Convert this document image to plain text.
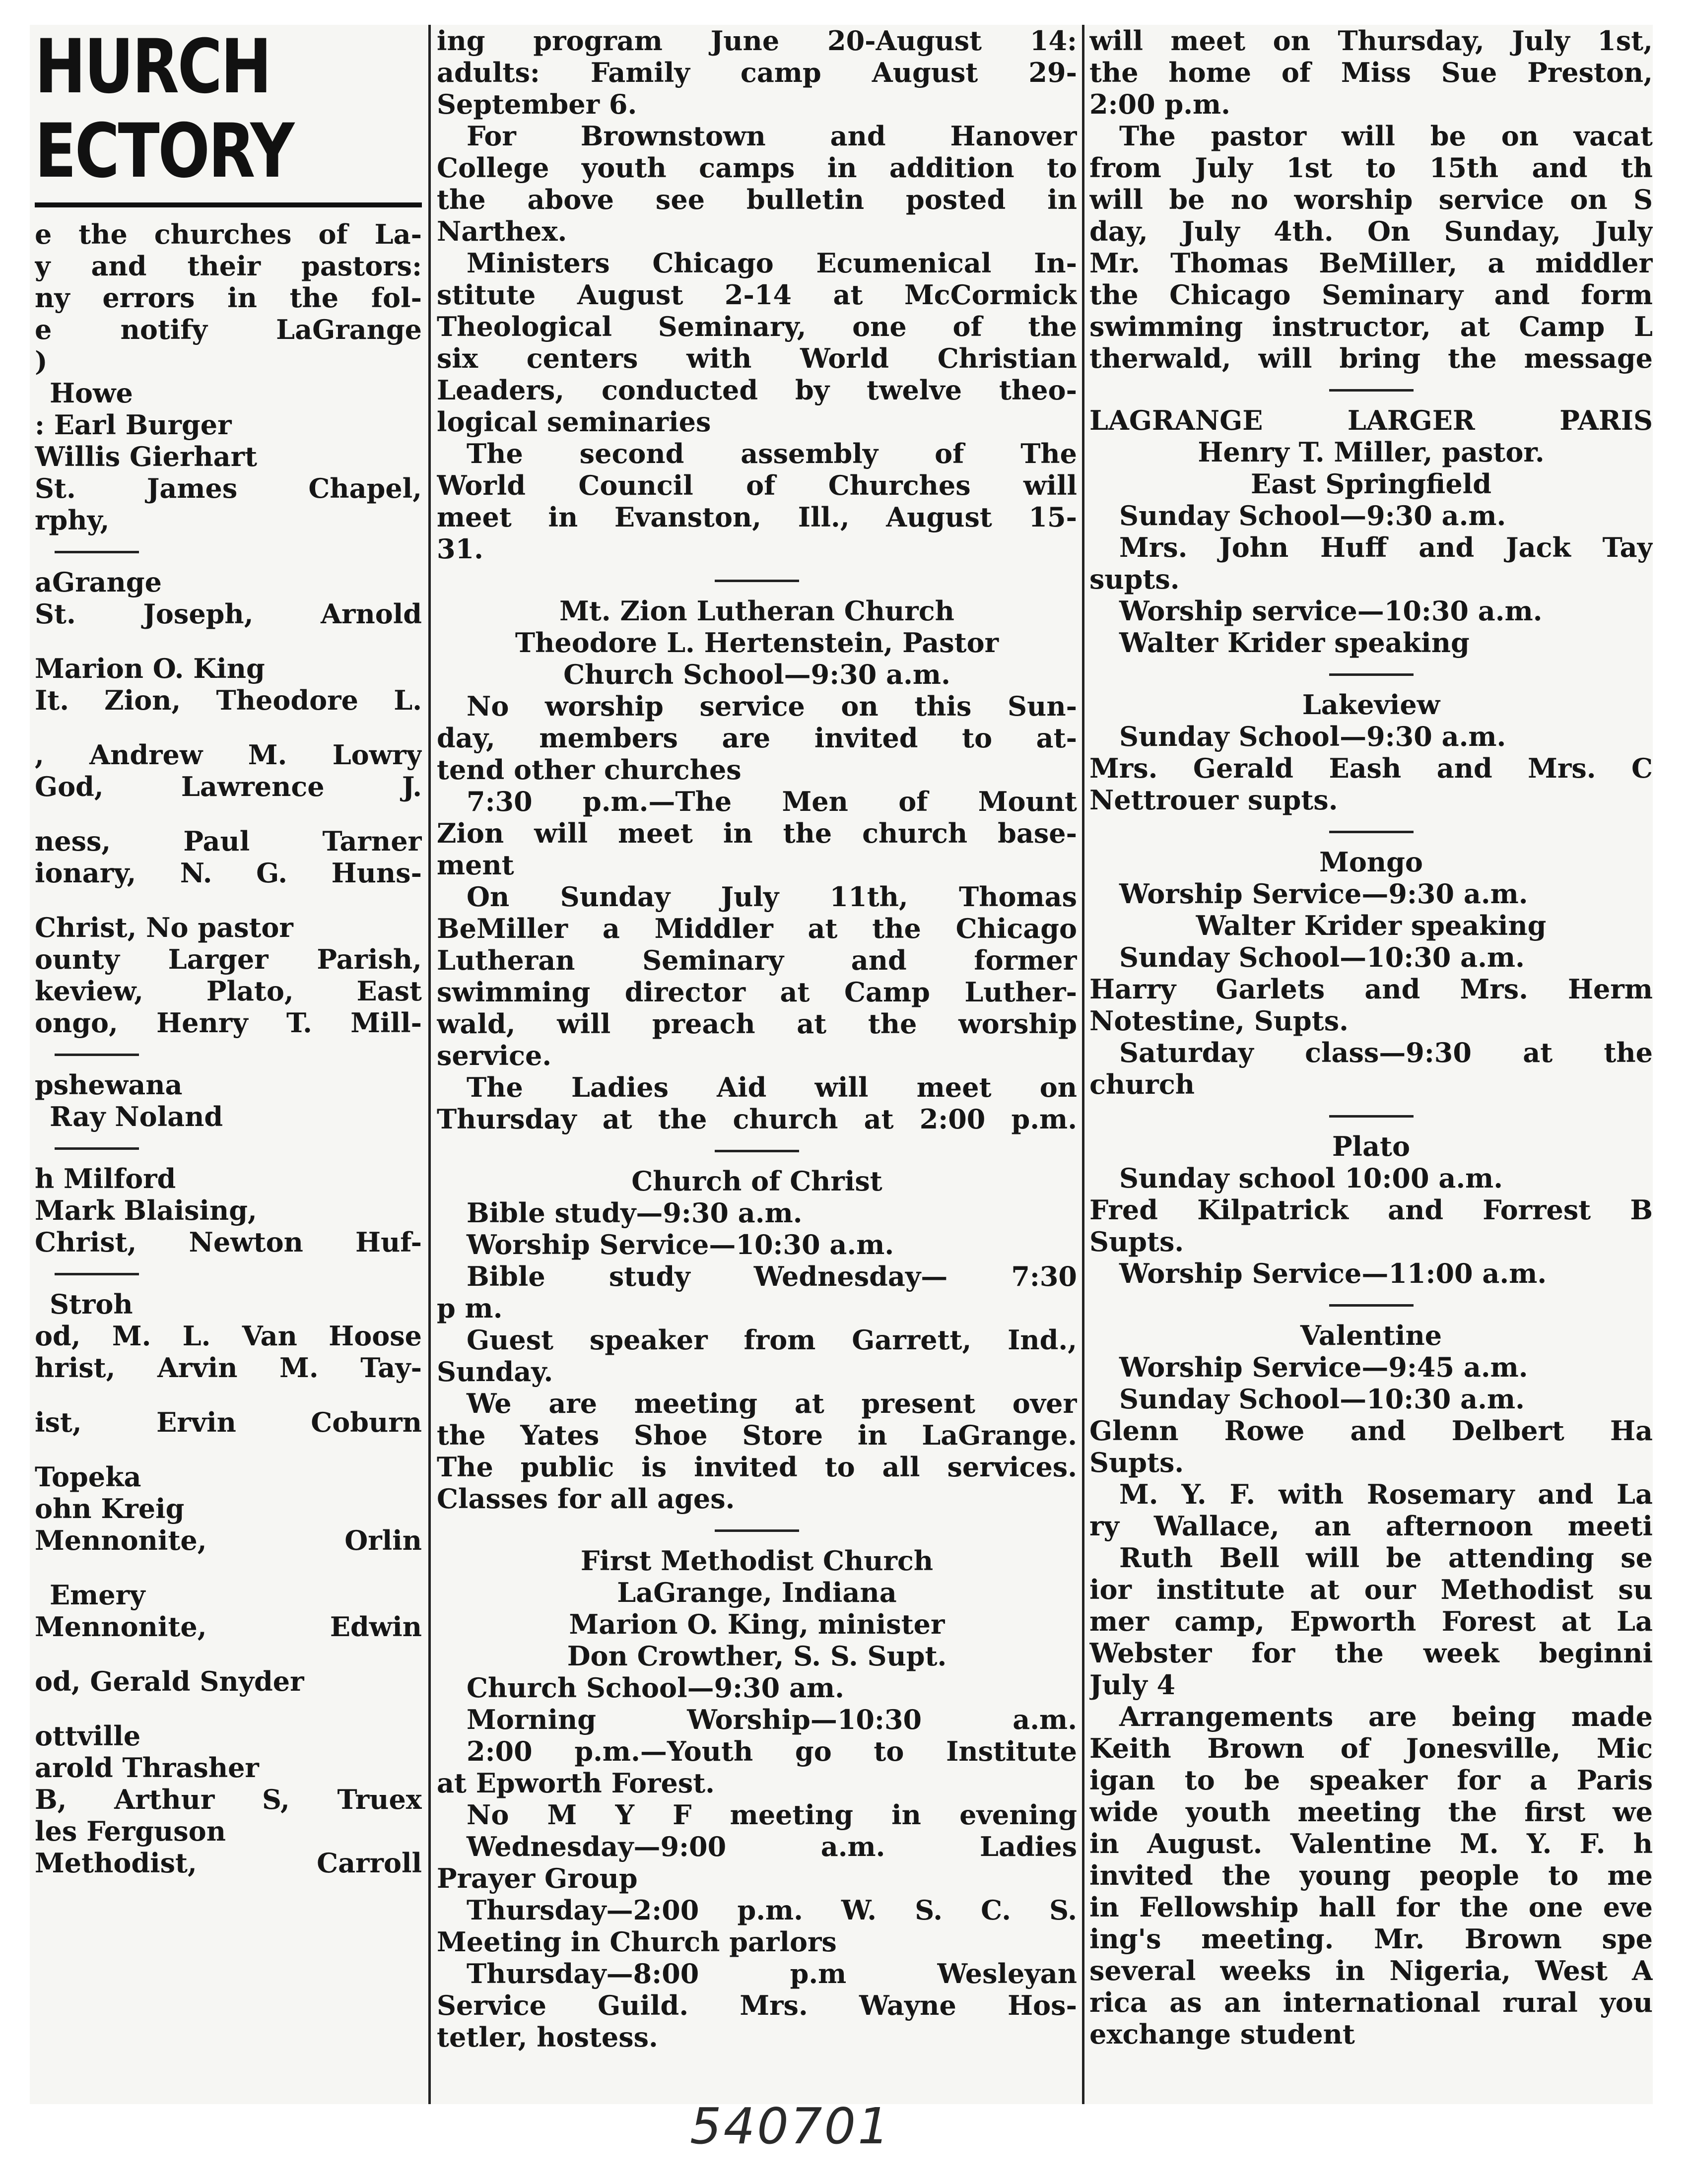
HURCH
ECTORY
e the churches of La-
y and their pastors:
ny errors in the fol-
e notify LaGrange
)
Howe
: Earl Burger
Willis Gierhart
St. James Chapel,
rphy,
aGrange
St. Joseph, Arnold
Marion O. King
It. Zion, Theodore L.
, Andrew M. Lowry
God, Lawrence J.
ness, Paul Tarner
ionary, N. G. Huns-
Christ, No pastor
ounty Larger Parish,
keview, Plato, East
ongo, Henry T. Mill-
pshewana
Ray Noland
h Milford
Mark Blaising,
Christ, Newton Huf-
Stroh
od, M. L. Van Hoose
hrist, Arvin M. Tay-
ist, Ervin Coburn
Topeka
ohn Kreig
Mennonite, Orlin
Emery
Mennonite, Edwin
od, Gerald Snyder
ottville
arold Thrasher
B, Arthur S, Truex
les Ferguson
Methodist, Carroll
ing program June 20-August 14:
adults: Family camp August 29-
September 6.
For Brownstown and Hanover
College youth camps in addition to
the above see bulletin posted in
Narthex.
Ministers Chicago Ecumenical In-
stitute August 2-14 at McCormick
Theological Seminary, one of the
six centers with World Christian
Leaders, conducted by twelve theo-
logical seminaries
The second assembly of The
World Council of Churches will
meet in Evanston, Ill., August 15-
31.
Mt. Zion Lutheran Church
Theodore L. Hertenstein, Pastor
Church School—9:30 a.m.
No worship service on this Sun-
day, members are invited to at-
tend other churches
7:30 p.m.—The Men of Mount
Zion will meet in the church base-
ment
On Sunday July 11th, Thomas
BeMiller a Middler at the Chicago
Lutheran Seminary and former
swimming director at Camp Luther-
wald, will preach at the worship
service.
The Ladies Aid will meet on
Thursday at the church at 2:00 p.m.
Church of Christ
Bible study—9:30 a.m.
Worship Service—10:30 a.m.
Bible study Wednesday— 7:30
p m.
Guest speaker from Garrett, Ind.,
Sunday.
We are meeting at present over
the Yates Shoe Store in LaGrange.
The public is invited to all services.
Classes for all ages.
First Methodist Church
LaGrange, Indiana
Marion O. King, minister
Don Crowther, S. S. Supt.
Church School—9:30 am.
Morning Worship—10:30 a.m.
2:00 p.m.—Youth go to Institute
at Epworth Forest.
No M Y F meeting in evening
Wednesday—9:00 a.m. Ladies
Prayer Group
Thursday—2:00 p.m. W. S. C. S.
Meeting in Church parlors
Thursday—8:00 p.m Wesleyan
Service Guild. Mrs. Wayne Hos-
tetler, hostess.
will meet on Thursday, July 1st,
the home of Miss Sue Preston,
2:00 p.m.
The pastor will be on vacat
from July 1st to 15th and th
will be no worship service on S
day, July 4th. On Sunday, July
Mr. Thomas BeMiller, a middler
the Chicago Seminary and form
swimming instructor, at Camp L
therwald, will bring the message
LAGRANGE LARGER PARIS
Henry T. Miller, pastor.
East Springfield
Sunday School—9:30 a.m.
Mrs. John Huff and Jack Tay
supts.
Worship service—10:30 a.m.
Walter Krider speaking
Lakeview
Sunday School—9:30 a.m.
Mrs. Gerald Eash and Mrs. C
Nettrouer supts.
Mongo
Worship Service—9:30 a.m.
Walter Krider speaking
Sunday School—10:30 a.m.
Harry Garlets and Mrs. Herm
Notestine, Supts.
Saturday class—9:30 at the
church
Plato
Sunday school 10:00 a.m.
Fred Kilpatrick and Forrest B
Supts.
Worship Service—11:00 a.m.
Valentine
Worship Service—9:45 a.m.
Sunday School—10:30 a.m.
Glenn Rowe and Delbert Ha
Supts.
M. Y. F. with Rosemary and La
ry Wallace, an afternoon meeti
Ruth Bell will be attending se
ior institute at our Methodist su
mer camp, Epworth Forest at La
Webster for the week beginni
July 4
Arrangements are being made
Keith Brown of Jonesville, Mic
igan to be speaker for a Paris
wide youth meeting the first we
in August. Valentine M. Y. F. h
invited the young people to me
in Fellowship hall for the one eve
ing's meeting. Mr. Brown spe
several weeks in Nigeria, West A
rica as an international rural you
exchange student
540701
